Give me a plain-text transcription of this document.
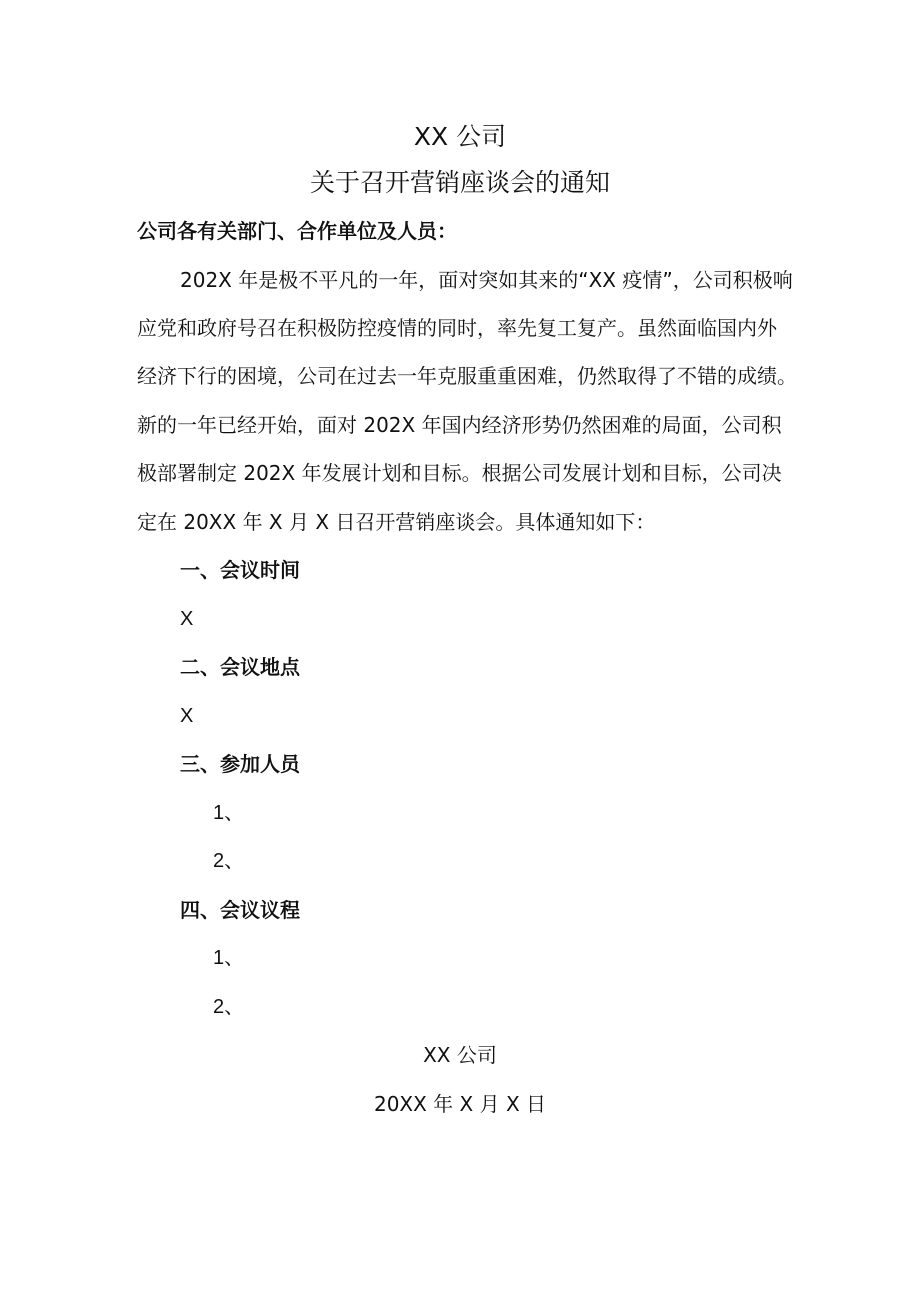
XX 公司
关于召开营销座谈会的通知
公司各有关部门、合作单位及人员：
202X 年是极不平凡的一年，面对突如其来的“XX 疫情”，公司积极响
应党和政府号召在积极防控疫情的同时，率先复工复产。虽然面临国内外
经济下行的困境，公司在过去一年克服重重困难，仍然取得了不错的成绩。
新的一年已经开始，面对 202X 年国内经济形势仍然困难的局面，公司积
极部署制定 202X 年发展计划和目标。根据公司发展计划和目标，公司决
定在 20XX 年 X 月 X 日召开营销座谈会。具体通知如下：
一、会议时间
X
二、会议地点
X
三、参加人员
1、
2、
四、会议议程
1、
2、
XX 公司
20XX 年 X 月 X 日
